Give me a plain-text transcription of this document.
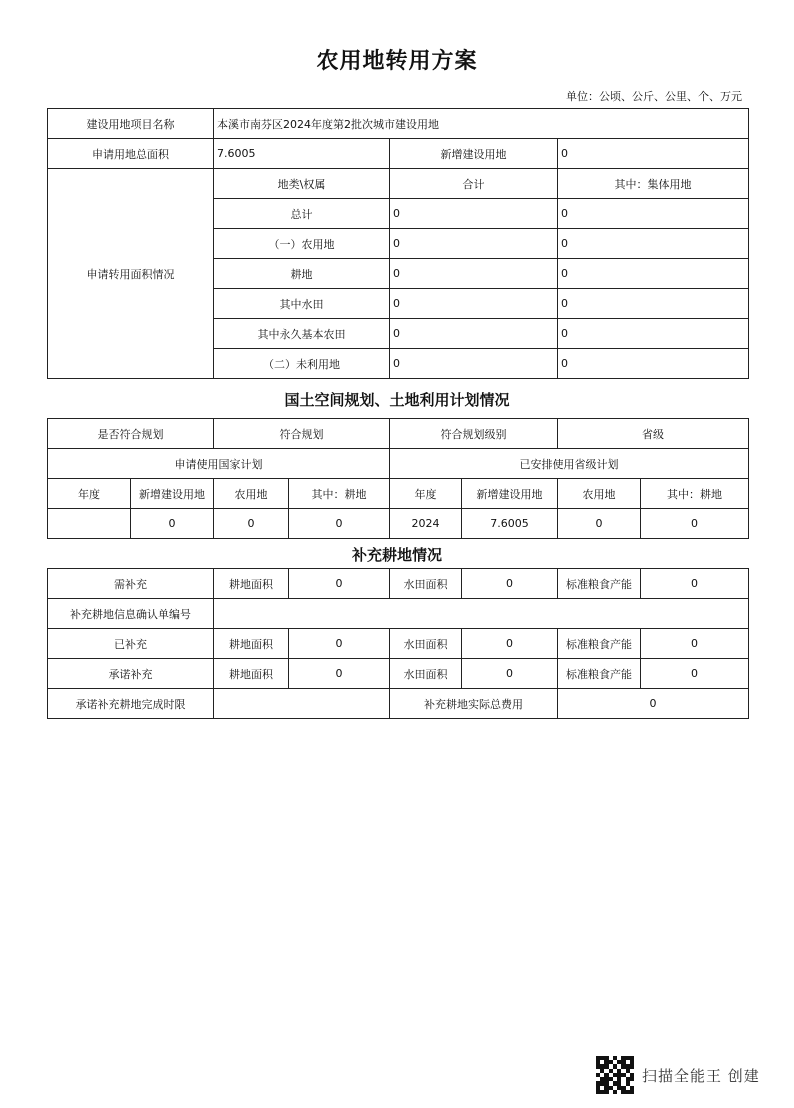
农用地转用方案
单位：公顷、公斤、公里、个、万元
建设用地项目名称	本溪市南芬区2024年度第2批次城市建设用地		
申请用地总面积	7.6005	新增建设用地	0
申请转用面积情况	地类\权属	合计	其中：集体用地
	总计	0	0
	（一）农用地	0	0
	耕地	0	0
	其中水田	0	0
	其中永久基本农田	0	0
	（二）未利用地	0	0
国土空间规划、土地利用计划情况
是否符合规划		符合规划		符合规划级别		省级	
申请使用国家计划				已安排使用省级计划			
年度	新增建设用地	农用地	其中：耕地	年度	新增建设用地	农用地	其中：耕地
	0	0	0	2024	7.6005	0	0
补充耕地情况
需补充	耕地面积	0	水田面积	0	标准粮食产能	0
补充耕地信息确认单编号						
已补充	耕地面积	0	水田面积	0	标准粮食产能	0
承诺补充	耕地面积	0	水田面积	0	标准粮食产能	0
承诺补充耕地完成时限			补充耕地实际总费用		0	
扫描全能王 创建
